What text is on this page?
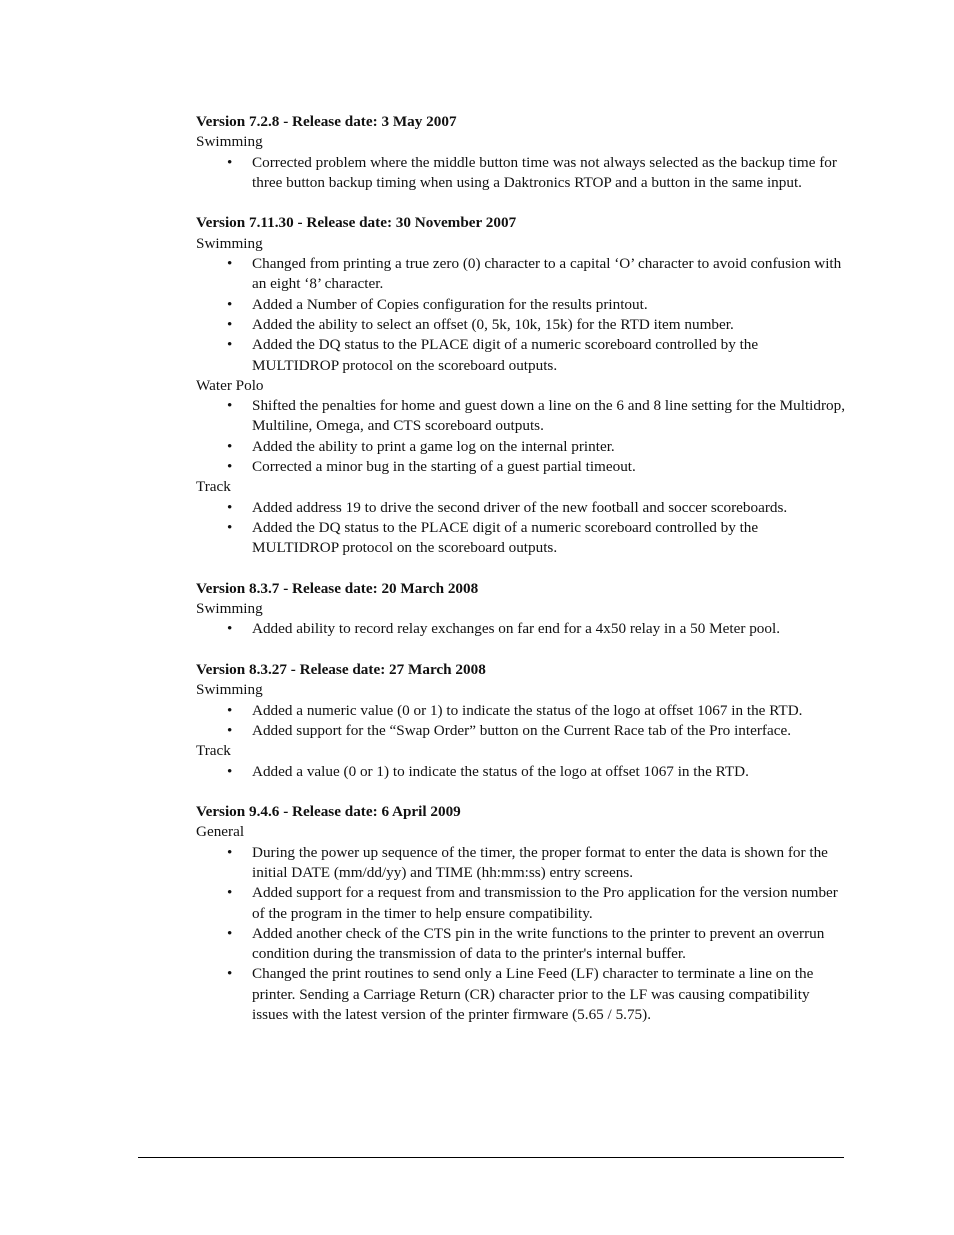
Version 7.2.8 - Release date: 3 May 2007
Swimming
• Corrected problem where the middle button time was not always selected as the backup time for three button backup timing when using a Daktronics RTOP and a button in the same input.
Version 7.11.30 - Release date: 30 November 2007
Swimming
• Changed from printing a true zero (0) character to a capital ‘O’ character to avoid confusion with an eight ‘8’ character.
• Added a Number of Copies configuration for the results printout.
• Added the ability to select an offset (0, 5k, 10k, 15k) for the RTD item number.
• Added the DQ status to the PLACE digit of a numeric scoreboard controlled by the MULTIDROP protocol on the scoreboard outputs.
Water Polo
• Shifted the penalties for home and guest down a line on the 6 and 8 line setting for the Multidrop, Multiline, Omega, and CTS scoreboard outputs.
• Added the ability to print a game log on the internal printer.
• Corrected a minor bug in the starting of a guest partial timeout.
Track
• Added address 19 to drive the second driver of the new football and soccer scoreboards.
• Added the DQ status to the PLACE digit of a numeric scoreboard controlled by the MULTIDROP protocol on the scoreboard outputs.
Version 8.3.7 - Release date: 20 March 2008
Swimming
• Added ability to record relay exchanges on far end for a 4x50 relay in a 50 Meter pool.
Version 8.3.27 - Release date: 27 March 2008
Swimming
• Added a numeric value (0 or 1) to indicate the status of the logo at offset 1067 in the RTD.
• Added support for the “Swap Order” button on the Current Race tab of the Pro interface.
Track
• Added a value (0 or 1) to indicate the status of the logo at offset 1067 in the RTD.
Version 9.4.6 - Release date: 6 April 2009
General
• During the power up sequence of the timer, the proper format to enter the data is shown for the initial DATE (mm/dd/yy) and TIME (hh:mm:ss) entry screens.
• Added support for a request from and transmission to the Pro application for the version number of the program in the timer to help ensure compatibility.
• Added another check of the CTS pin in the write functions to the printer to prevent an overrun condition during the transmission of data to the printer's internal buffer.
• Changed the print routines to send only a Line Feed (LF) character to terminate a line on the printer. Sending a Carriage Return (CR) character prior to the LF was causing compatibility issues with the latest version of the printer firmware (5.65 / 5.75).
